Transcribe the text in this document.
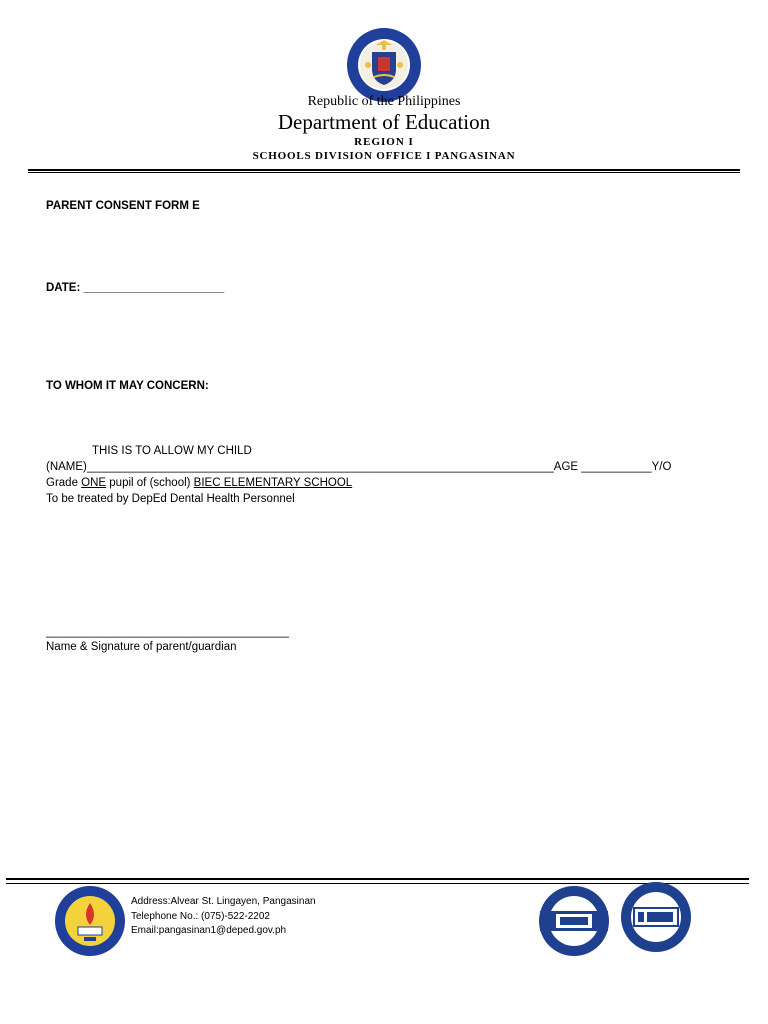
Republic of the Philippines
Department of Education
REGION I
SCHOOLS DIVISION OFFICE I PANGASINAN
PARENT CONSENT FORM E
DATE: ______________________
TO WHOM IT MAY CONCERN:
THIS IS TO ALLOW MY CHILD
(NAME)_________________________________________________________________________AGE ___________Y/O
Grade ONE pupil of (school) BIEC ELEMENTARY SCHOOL
To be treated by DepEd Dental Health Personnel
______________________________________
Name & Signature of parent/guardian
Address:Alvear St. Lingayen, Pangasinan
Telephone No.: (075)-522-2202
Email:pangasinan1@deped.gov.ph
